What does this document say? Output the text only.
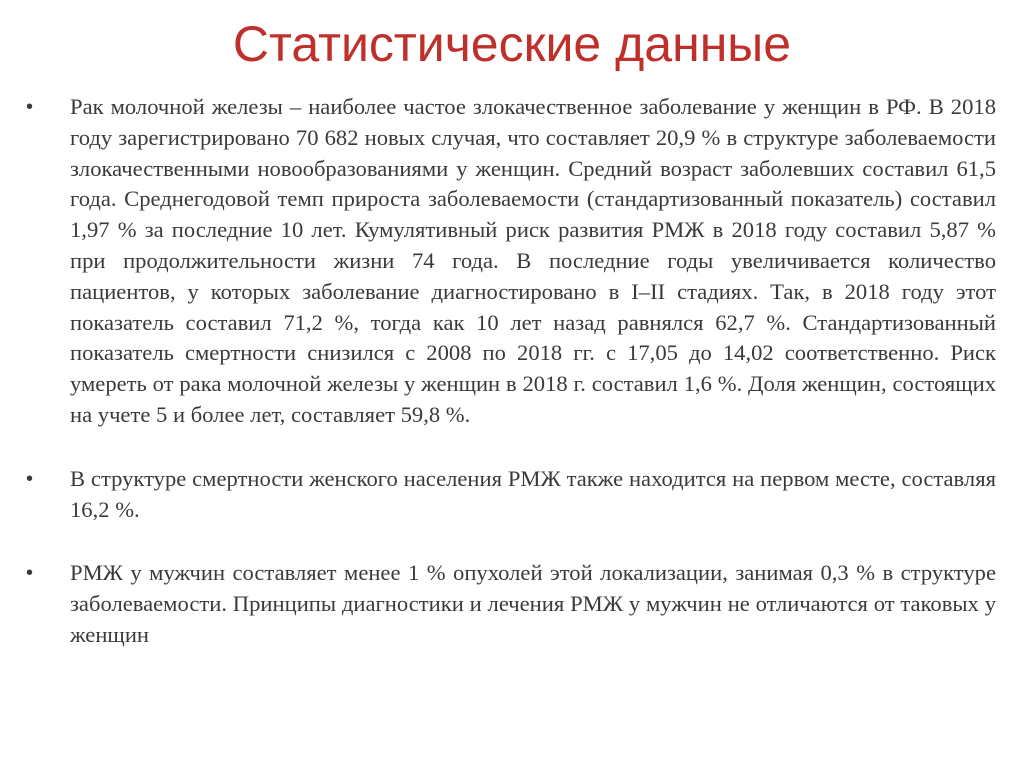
Статистические данные
•	Рак молочной железы – наиболее частое злокачественное заболевание у женщин в РФ. В 2018 году зарегистрировано 70 682 новых случая, что составляет 20,9 % в структуре заболеваемости злокачественными новообразованиями у женщин. Средний возраст заболевших составил 61,5 года. Среднегодовой темп прироста заболеваемости (стандартизованный показатель) составил 1,97 % за последние 10 лет. Кумулятивный риск развития РМЖ в 2018 году составил 5,87 % при продолжительности жизни 74 года. В последние годы увеличивается количество пациентов, у которых заболевание диагностировано в I–II стадиях. Так, в 2018 году этот показатель составил 71,2 %, тогда как 10 лет назад равнялся 62,7 %. Стандартизованный показатель смертности снизился с 2008 по 2018 гг. с 17,05 до 14,02 соответственно. Риск умереть от рака молочной железы у женщин в 2018 г. составил 1,6 %. Доля женщин, состоящих на учете 5 и более лет, составляет 59,8 %.
•	В структуре смертности женского населения РМЖ также находится на первом месте, составляя 16,2 %.
•	РМЖ у мужчин составляет менее 1 % опухолей этой локализации, занимая 0,3 % в структуре заболеваемости. Принципы диагностики и лечения РМЖ у мужчин не отличаются от таковых у женщин
